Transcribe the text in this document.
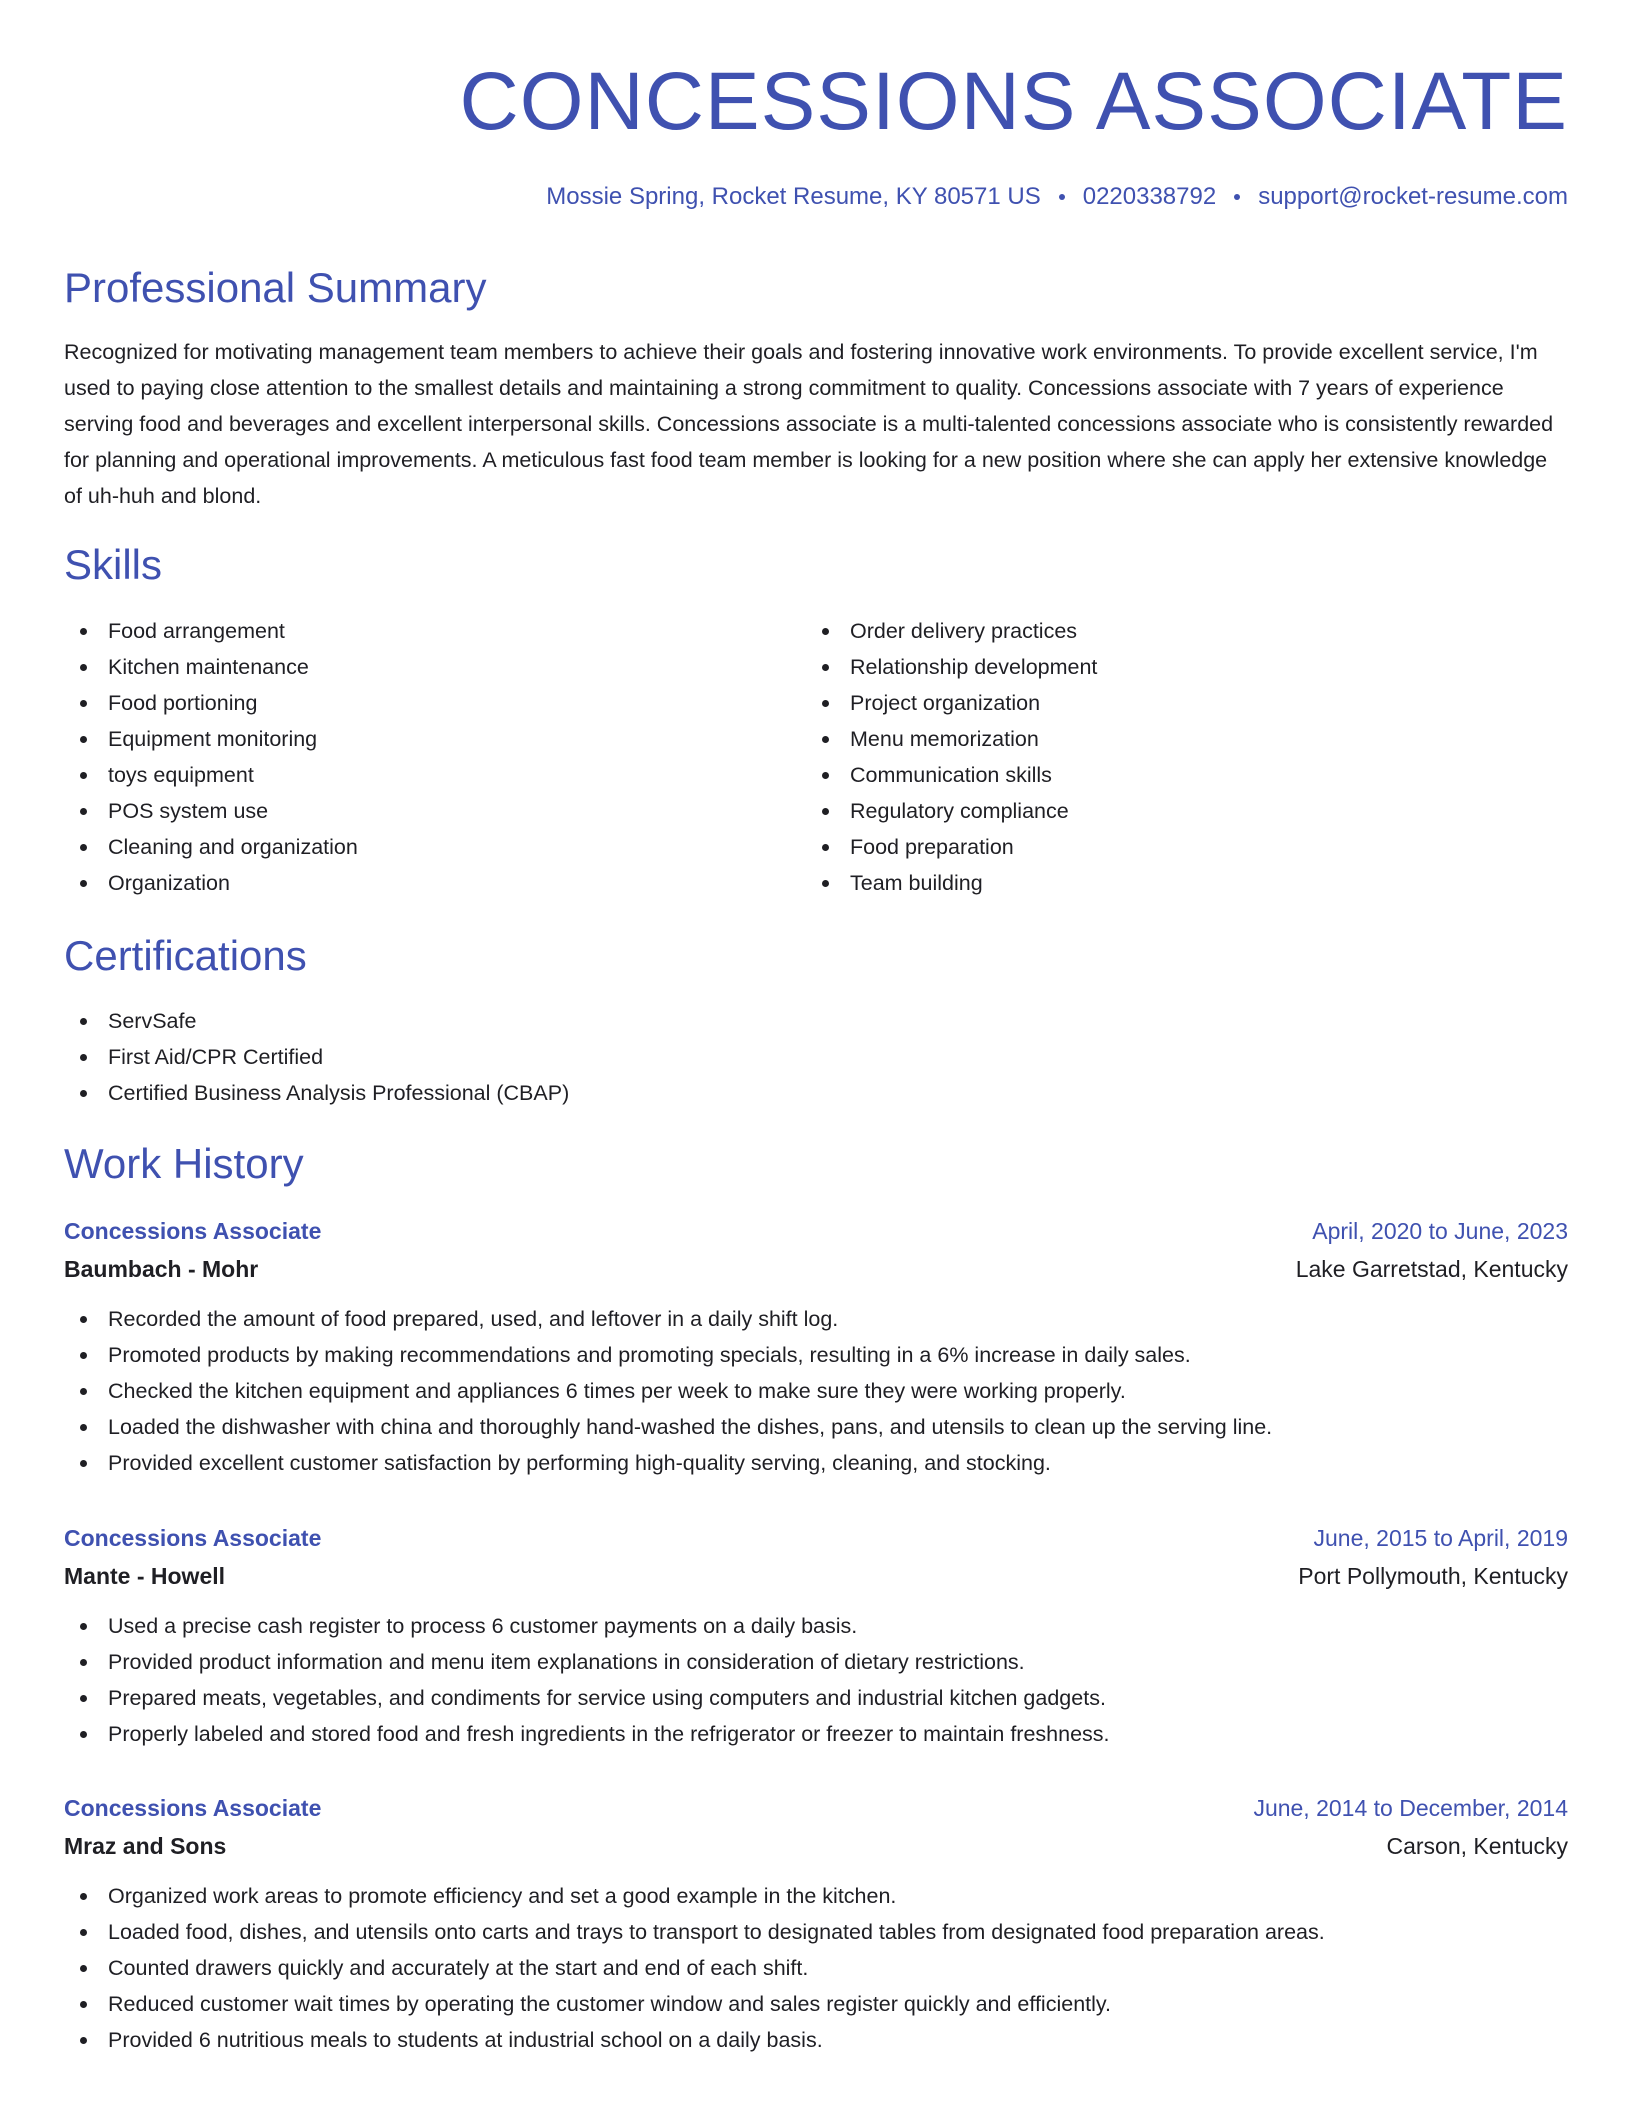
CONCESSIONS ASSOCIATE
Mossie Spring, Rocket Resume, KY 80571 US 0220338792 support@rocket-resume.com
Professional Summary

Recognized for motivating management team members to achieve their goals and fostering innovative work environments. To provide excellent service, I'm used to paying close attention to the smallest details and maintaining a strong commitment to quality. Concessions associate with 7 years of experience serving food and beverages and excellent interpersonal skills. Concessions associate is a multi-talented concessions associate who is consistently rewarded for planning and operational improvements. A meticulous fast food team member is looking for a new position where she can apply her extensive knowledge of uh-huh and blond.

Skills
Food arrangement
Kitchen maintenance
Food portioning
Equipment monitoring
toys equipment
POS system use
Cleaning and organization
Organization
Order delivery practices
Relationship development
Project organization
Menu memorization
Communication skills
Regulatory compliance
Food preparation
Team building
Certifications
ServSafe
First Aid/CPR Certified
Certified Business Analysis Professional (CBAP)
Work History
Concessions Associate	April, 2020 to June, 2023
Baumbach - Mohr	Lake Garretstad, Kentucky
Recorded the amount of food prepared, used, and leftover in a daily shift log.
Promoted products by making recommendations and promoting specials, resulting in a 6% increase in daily sales.
Checked the kitchen equipment and appliances 6 times per week to make sure they were working properly.
Loaded the dishwasher with china and thoroughly hand-washed the dishes, pans, and utensils to clean up the serving line.
Provided excellent customer satisfaction by performing high-quality serving, cleaning, and stocking.
Concessions Associate	June, 2015 to April, 2019
Mante - Howell	Port Pollymouth, Kentucky
Used a precise cash register to process 6 customer payments on a daily basis.
Provided product information and menu item explanations in consideration of dietary restrictions.
Prepared meats, vegetables, and condiments for service using computers and industrial kitchen gadgets.
Properly labeled and stored food and fresh ingredients in the refrigerator or freezer to maintain freshness.
Concessions Associate	June, 2014 to December, 2014
Mraz and Sons	Carson, Kentucky
Organized work areas to promote efficiency and set a good example in the kitchen.
Loaded food, dishes, and utensils onto carts and trays to transport to designated tables from designated food preparation areas.
Counted drawers quickly and accurately at the start and end of each shift.
Reduced customer wait times by operating the customer window and sales register quickly and efficiently.
Provided 6 nutritious meals to students at industrial school on a daily basis.
